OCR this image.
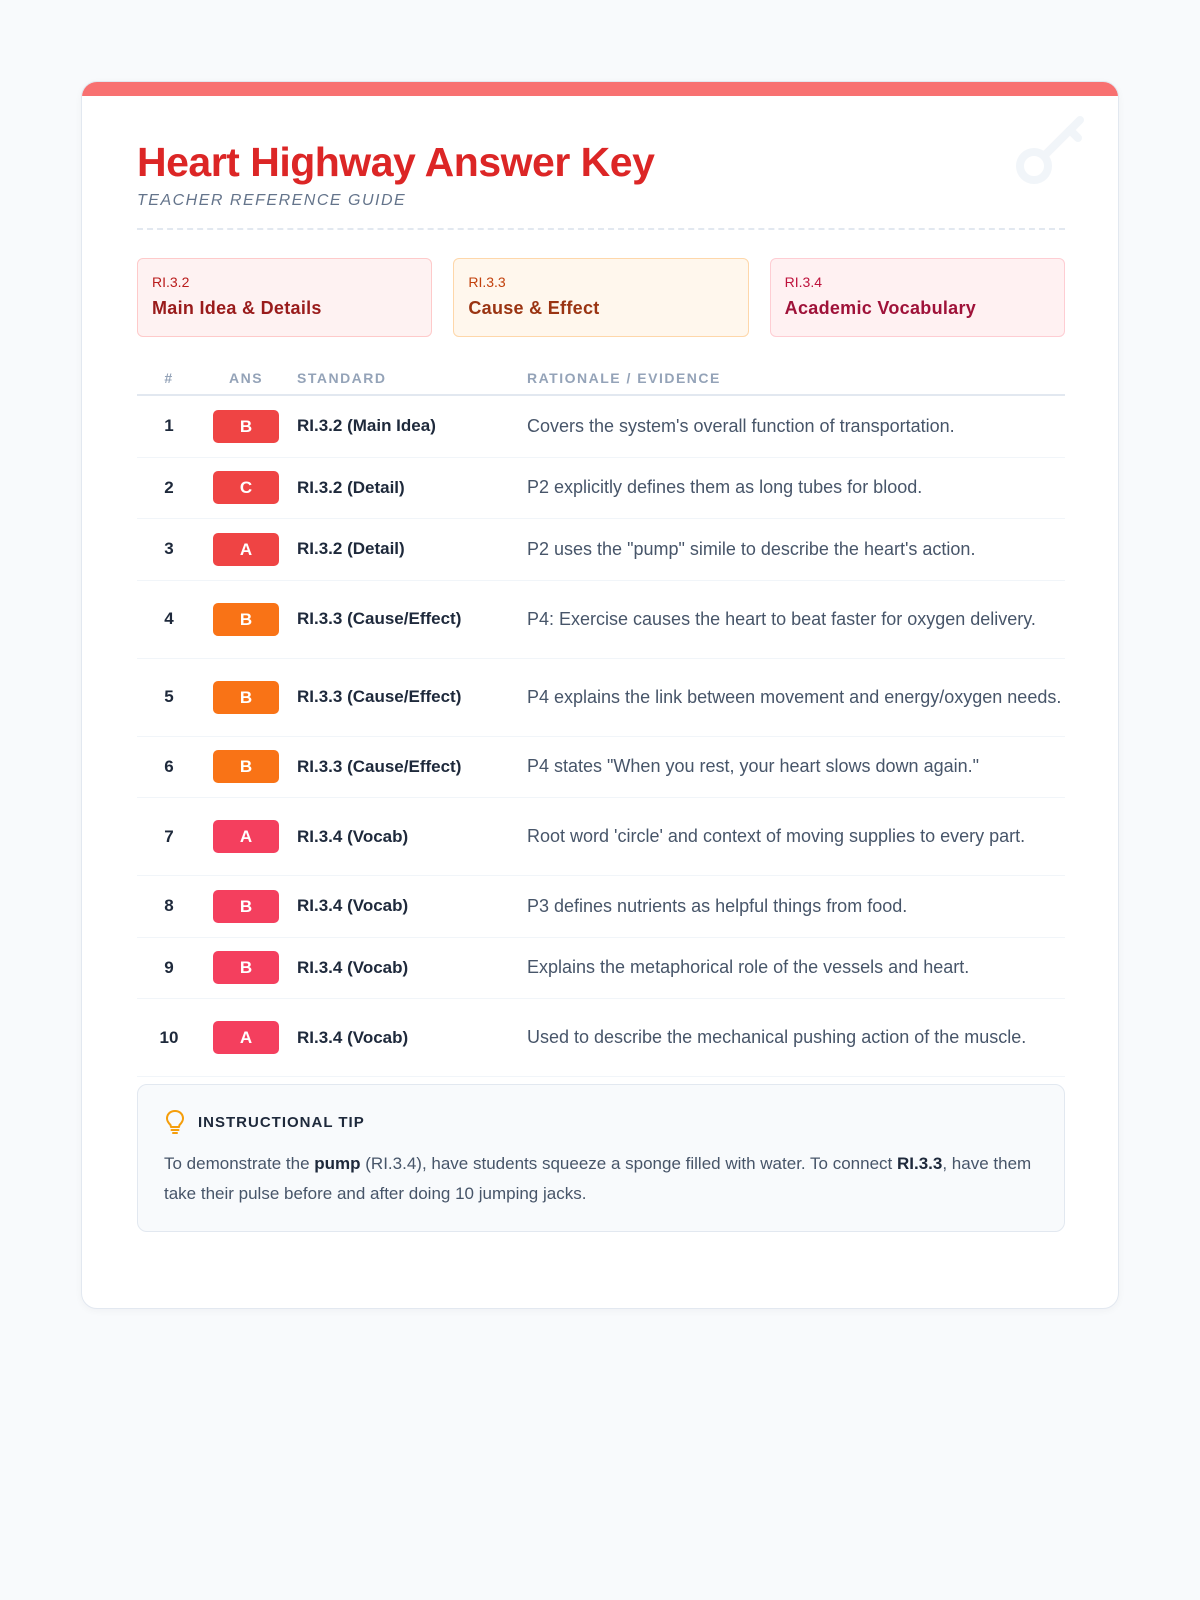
Heart Highway Answer Key
TEACHER REFERENCE GUIDE
RI.3.2
Main Idea & Details
RI.3.3
Cause & Effect
RI.3.4
Academic Vocabulary
#	ANS	STANDARD	RATIONALE / EVIDENCE
1	B	RI.3.2 (Main Idea)	Covers the system's overall function of transportation.
2	C	RI.3.2 (Detail)	P2 explicitly defines them as long tubes for blood.
3	A	RI.3.2 (Detail)	P2 uses the "pump" simile to describe the heart's action.
4	B	RI.3.3 (Cause/Effect)	P4: Exercise causes the heart to beat faster for oxygen delivery.
5	B	RI.3.3 (Cause/Effect)	P4 explains the link between movement and energy/oxygen needs.
6	B	RI.3.3 (Cause/Effect)	P4 states "When you rest, your heart slows down again."
7	A	RI.3.4 (Vocab)	Root word 'circle' and context of moving supplies to every part.
8	B	RI.3.4 (Vocab)	P3 defines nutrients as helpful things from food.
9	B	RI.3.4 (Vocab)	Explains the metaphorical role of the vessels and heart.
10	A	RI.3.4 (Vocab)	Used to describe the mechanical pushing action of the muscle.
INSTRUCTIONAL TIP
To demonstrate the pump (RI.3.4), have students squeeze a sponge filled with water. To connect RI.3.3, have them take their pulse before and after doing 10 jumping jacks.
